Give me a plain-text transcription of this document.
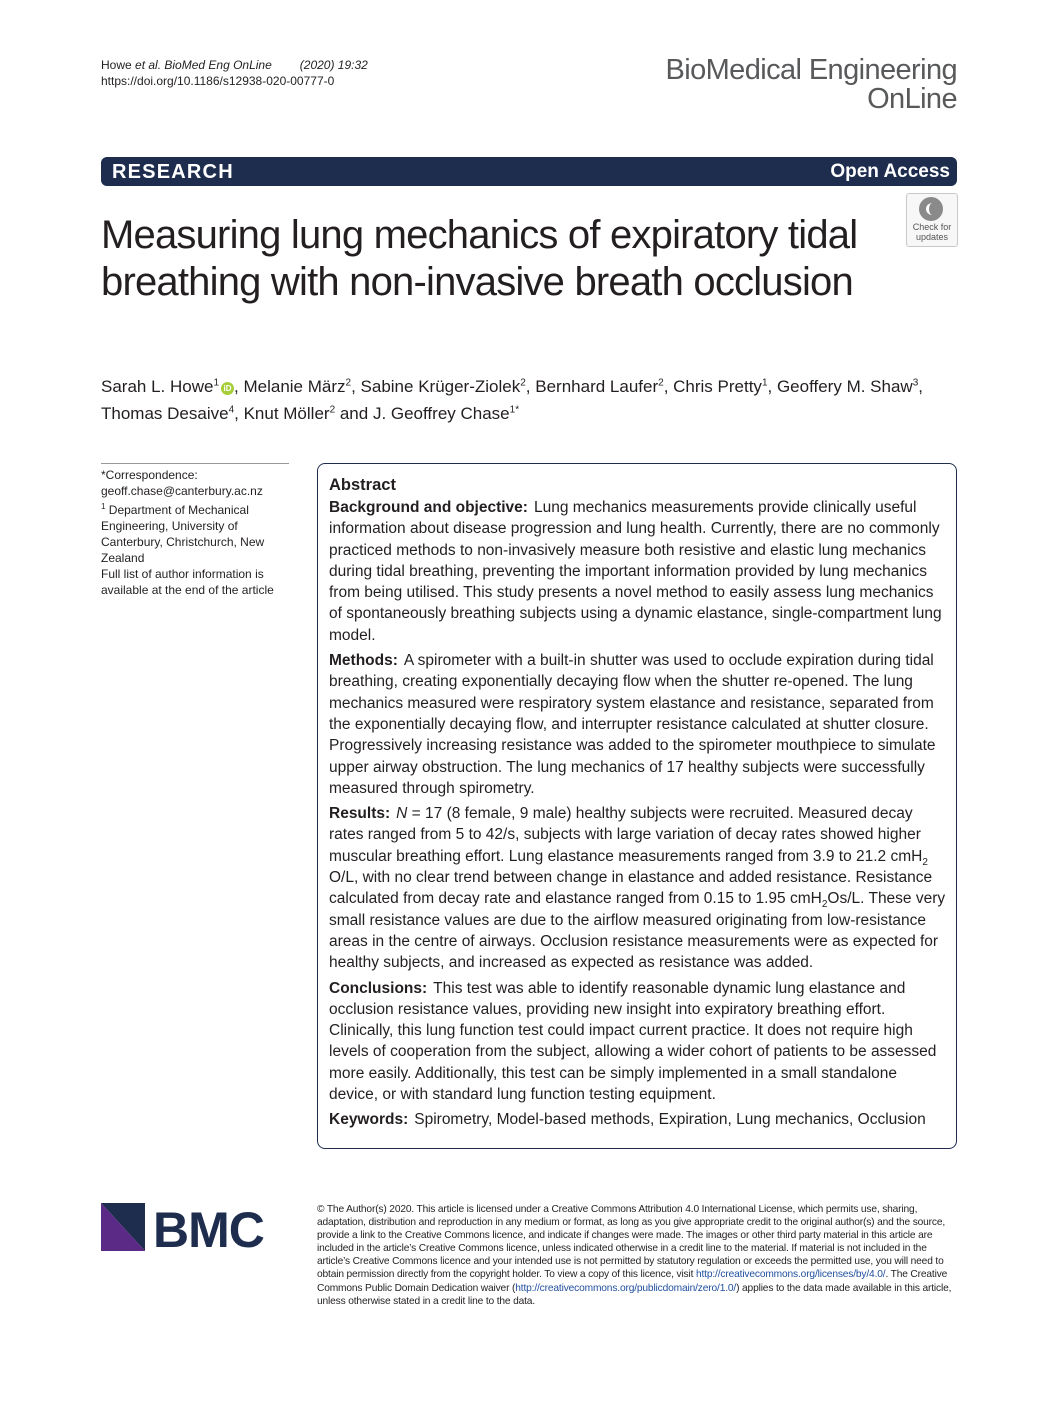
Howe et al. BioMed Eng OnLine (2020) 19:32
https://doi.org/10.1186/s12938-020-00777-0	BioMedical Engineering
OnLine
RESEARCH	Open Access
Measuring lung mechanics of expiratory tidal breathing with non-invasive breath occlusion
Check for
updates
Sarah L. Howe$^1$iD , Melanie März$^2$, Sabine Krüger-Ziolek$^2$, Bernhard Laufer$^2$, Chris Pretty$^1$, Geoffery M. Shaw$^3$, Thomas Desaive$^4$, Knut Möller$^2$ and J. Geoffrey Chase$^{1*}$

*Correspondence:

geoff.chase@canterbury.ac.nz

$^1$ Department of Mechanical Engineering, University of Canterbury, Christchurch, New Zealand

Full list of author information is available at the end of the article

Abstract

Background and objective: Lung mechanics measurements provide clinically useful information about disease progression and lung health. Currently, there are no commonly practiced methods to non-invasively measure both resistive and elastic lung mechanics during tidal breathing, preventing the important information provided by lung mechanics from being utilised. This study presents a novel method to easily assess lung mechanics of spontaneously breathing subjects using a dynamic elastance, single-compartment lung model.

Methods: A spirometer with a built-in shutter was used to occlude expiration during tidal breathing, creating exponentially decaying flow when the shutter re-opened. The lung mechanics measured were respiratory system elastance and resistance, separated from the exponentially decaying flow, and interrupter resistance calculated at shutter closure. Progressively increasing resistance was added to the spirometer mouthpiece to simulate upper airway obstruction. The lung mechanics of 17 healthy subjects were successfully measured through spirometry.

Results: N = 17 (8 female, 9 male) healthy subjects were recruited. Measured decay rates ranged from 5 to 42/s, subjects with large variation of decay rates showed higher muscular breathing effort. Lung elastance measurements ranged from 3.9 to 21.2 cmH$_2$ O/L, with no clear trend between change in elastance and added resistance. Resistance calculated from decay rate and elastance ranged from 0.15 to 1.95 cmH$_2$Os/L. These very small resistance values are due to the airflow measured originating from low-resistance areas in the centre of airways. Occlusion resistance measurements were as expected for healthy subjects, and increased as expected as resistance was added.

Conclusions: This test was able to identify reasonable dynamic lung elastance and occlusion resistance values, providing new insight into expiratory breathing effort. Clinically, this lung function test could impact current practice. It does not require high levels of cooperation from the subject, allowing a wider cohort of patients to be assessed more easily. Additionally, this test can be simply implemented in a small standalone device, or with standard lung function testing equipment.

Keywords: Spirometry, Model-based methods, Expiration, Lung mechanics, Occlusion

BMC	© The Author(s) 2020. This article is licensed under a Creative Commons Attribution 4.0 International License, which permits use, sharing, adaptation, distribution and reproduction in any medium or format, as long as you give appropriate credit to the original author(s) and the source, provide a link to the Creative Commons licence, and indicate if changes were made. The images or other third party material in this article are included in the article’s Creative Commons licence, unless indicated otherwise in a credit line to the material. If material is not included in the article’s Creative Commons licence and your intended use is not permitted by statutory regulation or exceeds the permitted use, you will need to obtain permission directly from the copyright holder. To view a copy of this licence, visit http://creativecommons.org/licenses/by/4.0/. The Creative Commons Public Domain Dedication waiver (http://creativecommons.org/publicdomain/zero/1.0/) applies to the data made available in this article, unless otherwise stated in a credit line to the data.
